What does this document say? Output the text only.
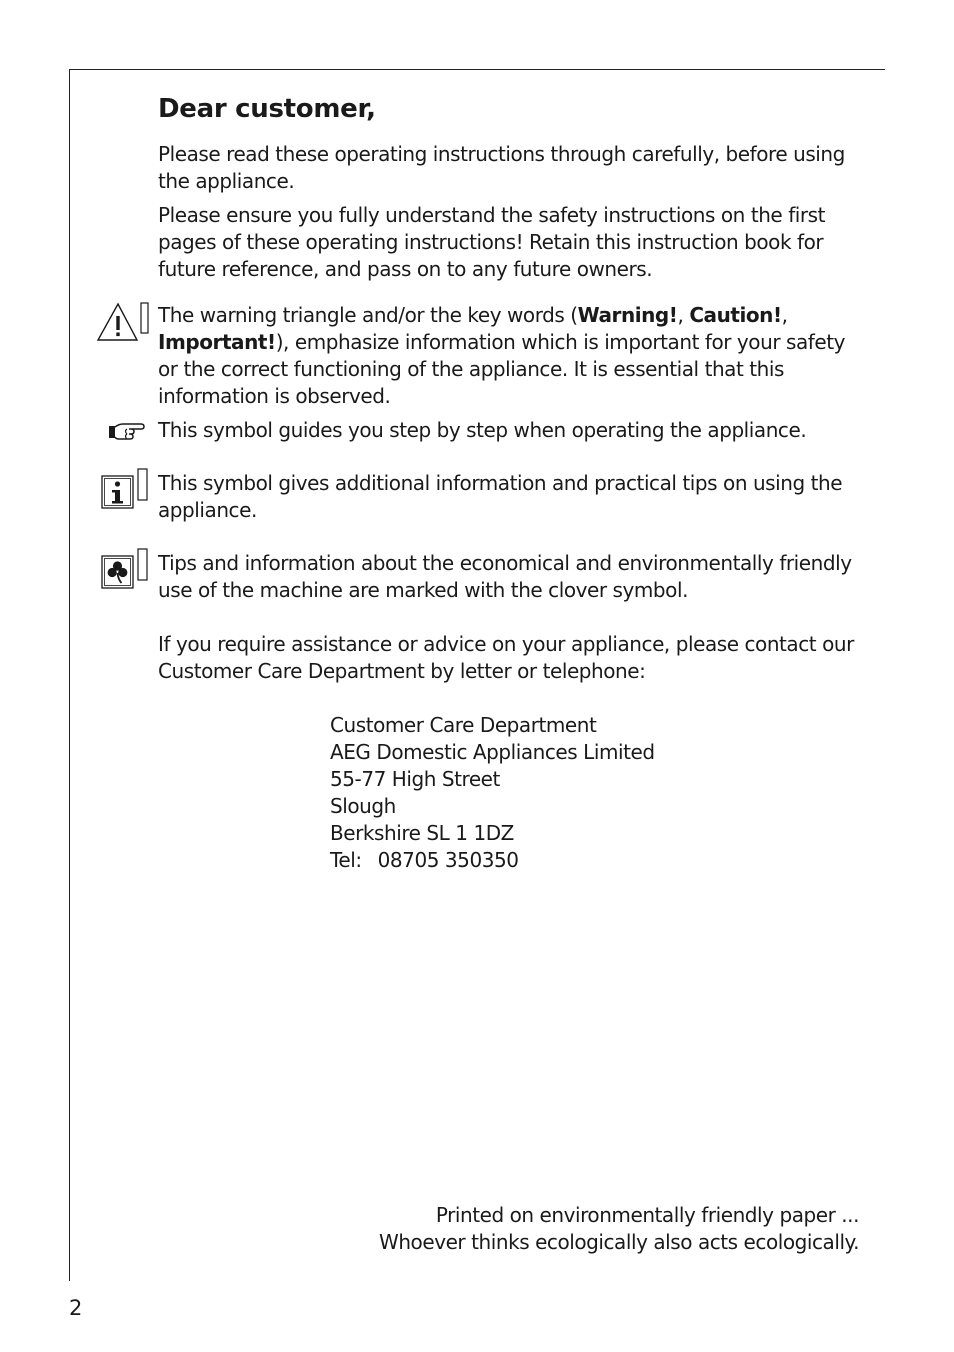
Dear customer,

Please read these operating instructions through carefully, before using the appliance.

Please ensure you fully understand the safety instructions on the first pages of these operating instructions! Retain this instruction book for future reference, and pass on to any future owners.

The warning triangle and/or the key words (Warning!, Caution!, Important!), emphasize information which is important for your safety or the correct functioning of the appliance. It is essential that this information is observed.

This symbol guides you step by step when operating the appliance.

This symbol gives additional information and practical tips on using the appliance.

Tips and information about the economical and environmentally friendly use of the machine are marked with the clover symbol.

If you require assistance or advice on your appliance, please contact our Customer Care Department by letter or telephone:

Customer Care Department
AEG Domestic Appliances Limited
55-77 High Street
Slough
Berkshire SL 1 1DZ
Tel: 08705 350350
Printed on environmentally friendly paper ...
Whoever thinks ecologically also acts ecologically.
2
